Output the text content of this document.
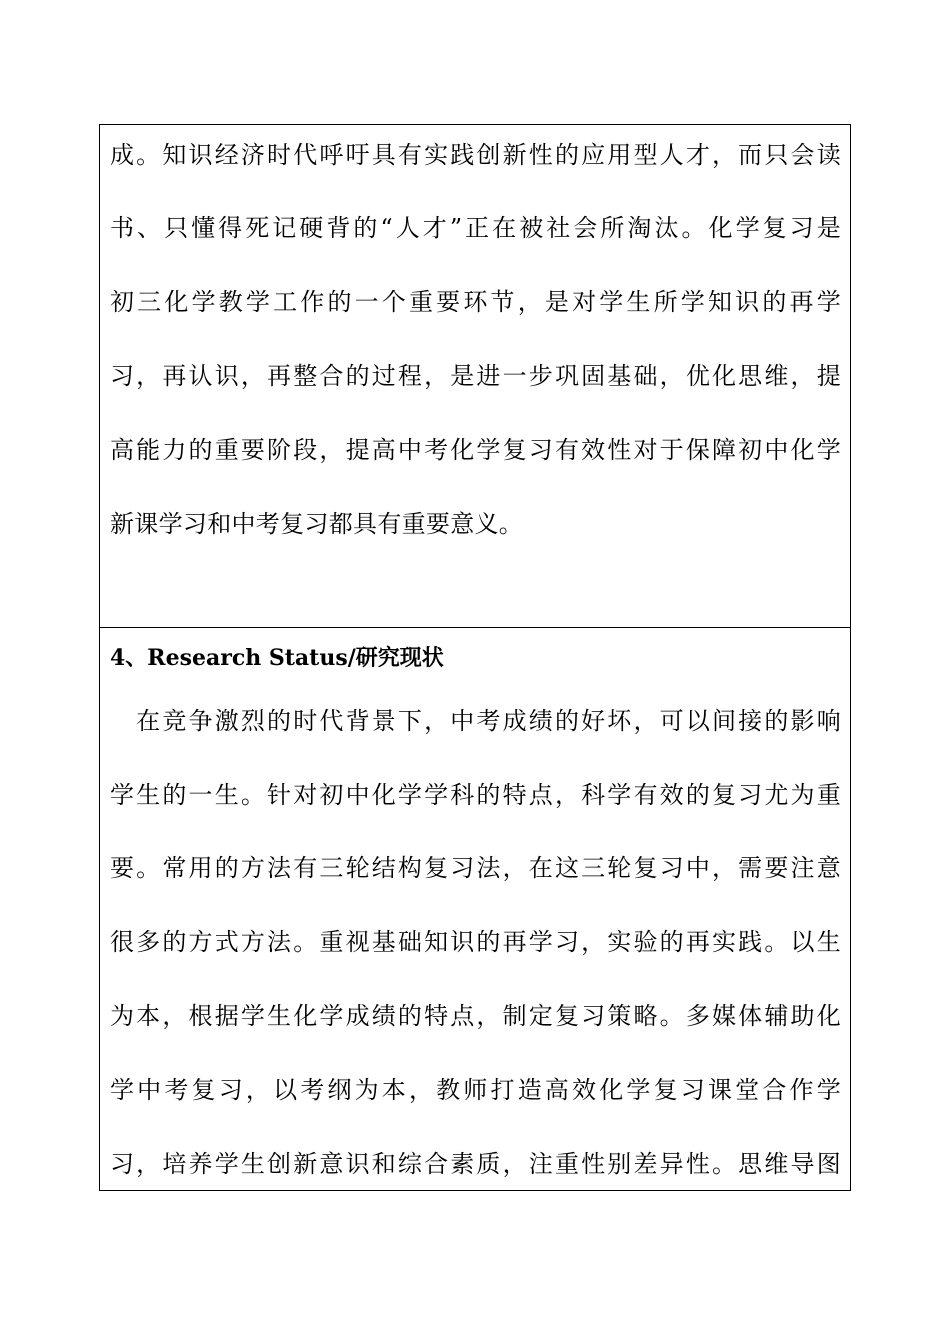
成。知识经济时代呼吁具有实践创新性的应用型人才，而只会读
书、只懂得死记硬背的“人才”正在被社会所淘汰。化学复习是
初三化学教学工作的一个重要环节，是对学生所学知识的再学
习，再认识，再整合的过程，是进一步巩固基础，优化思维，提
高能力的重要阶段，提高中考化学复习有效性对于保障初中化学
新课学习和中考复习都具有重要意义。
4、Research Status/研究现状
　在竞争激烈的时代背景下，中考成绩的好坏，可以间接的影响
学生的一生。针对初中化学学科的特点，科学有效的复习尤为重
要。常用的方法有三轮结构复习法，在这三轮复习中，需要注意
很多的方式方法。重视基础知识的再学习，实验的再实践。以生
为本，根据学生化学成绩的特点，制定复习策略。多媒体辅助化
学中考复习，以考纲为本，教师打造高效化学复习课堂合作学
习，培养学生创新意识和综合素质，注重性别差异性。思维导图
